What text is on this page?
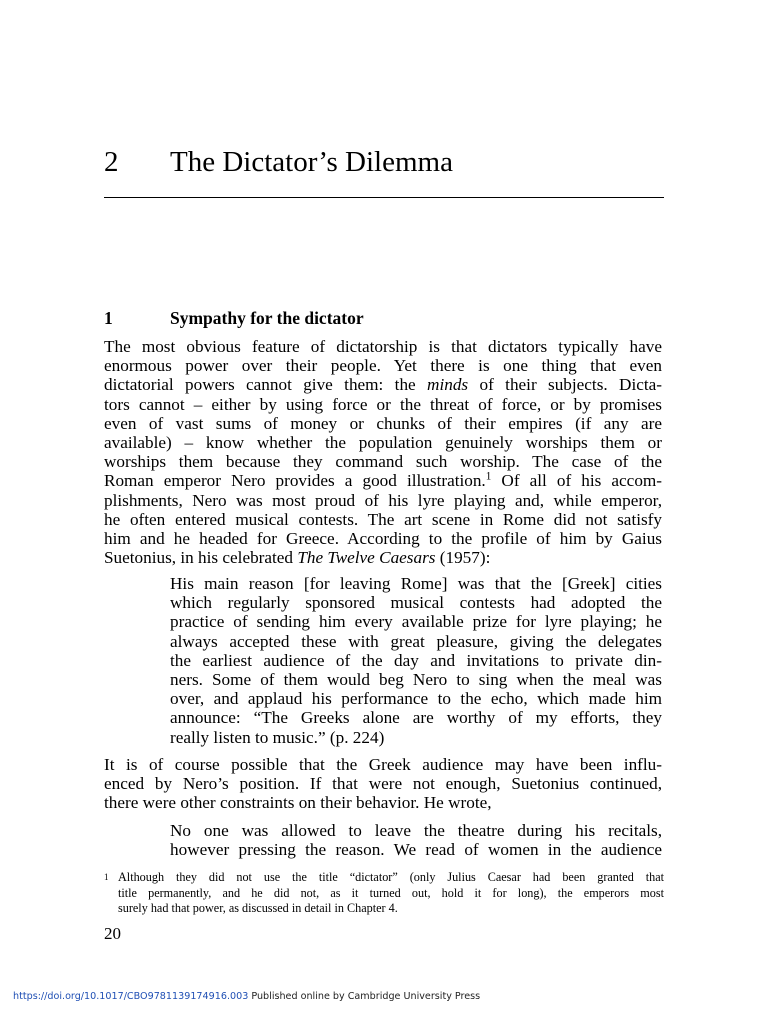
2 The Dictator’s Dilemma
1	Sympathy for the dictator
The most obvious feature of dictatorship is that dictators typically have
enormous power over their people. Yet there is one thing that even
dictatorial powers cannot give them: the minds of their subjects. Dicta-
tors cannot – either by using force or the threat of force, or by promises
even of vast sums of money or chunks of their empires (if any are
available) – know whether the population genuinely worships them or
worships them because they command such worship. The case of the
Roman emperor Nero provides a good illustration.$^1$ Of all of his accom-
plishments, Nero was most proud of his lyre playing and, while emperor,
he often entered musical contests. The art scene in Rome did not satisfy
him and he headed for Greece. According to the profile of him by Gaius
Suetonius, in his celebrated The Twelve Caesars (1957):
His main reason [for leaving Rome] was that the [Greek] cities
which regularly sponsored musical contests had adopted the
practice of sending him every available prize for lyre playing; he
always accepted these with great pleasure, giving the delegates
the earliest audience of the day and invitations to private din-
ners. Some of them would beg Nero to sing when the meal was
over, and applaud his performance to the echo, which made him
announce: “The Greeks alone are worthy of my efforts, they
really listen to music.” (p. 224)
It is of course possible that the Greek audience may have been influ-
enced by Nero’s position. If that were not enough, Suetonius continued,
there were other constraints on their behavior. He wrote,
No one was allowed to leave the theatre during his recitals,
however pressing the reason. We read of women in the audience
1 Although they did not use the title “dictator” (only Julius Caesar had been granted that
title permanently, and he did not, as it turned out, hold it for long), the emperors most
surely had that power, as discussed in detail in Chapter 4.
20
https://doi.org/10.1017/CBO9781139174916.003 Published online by Cambridge University Press
